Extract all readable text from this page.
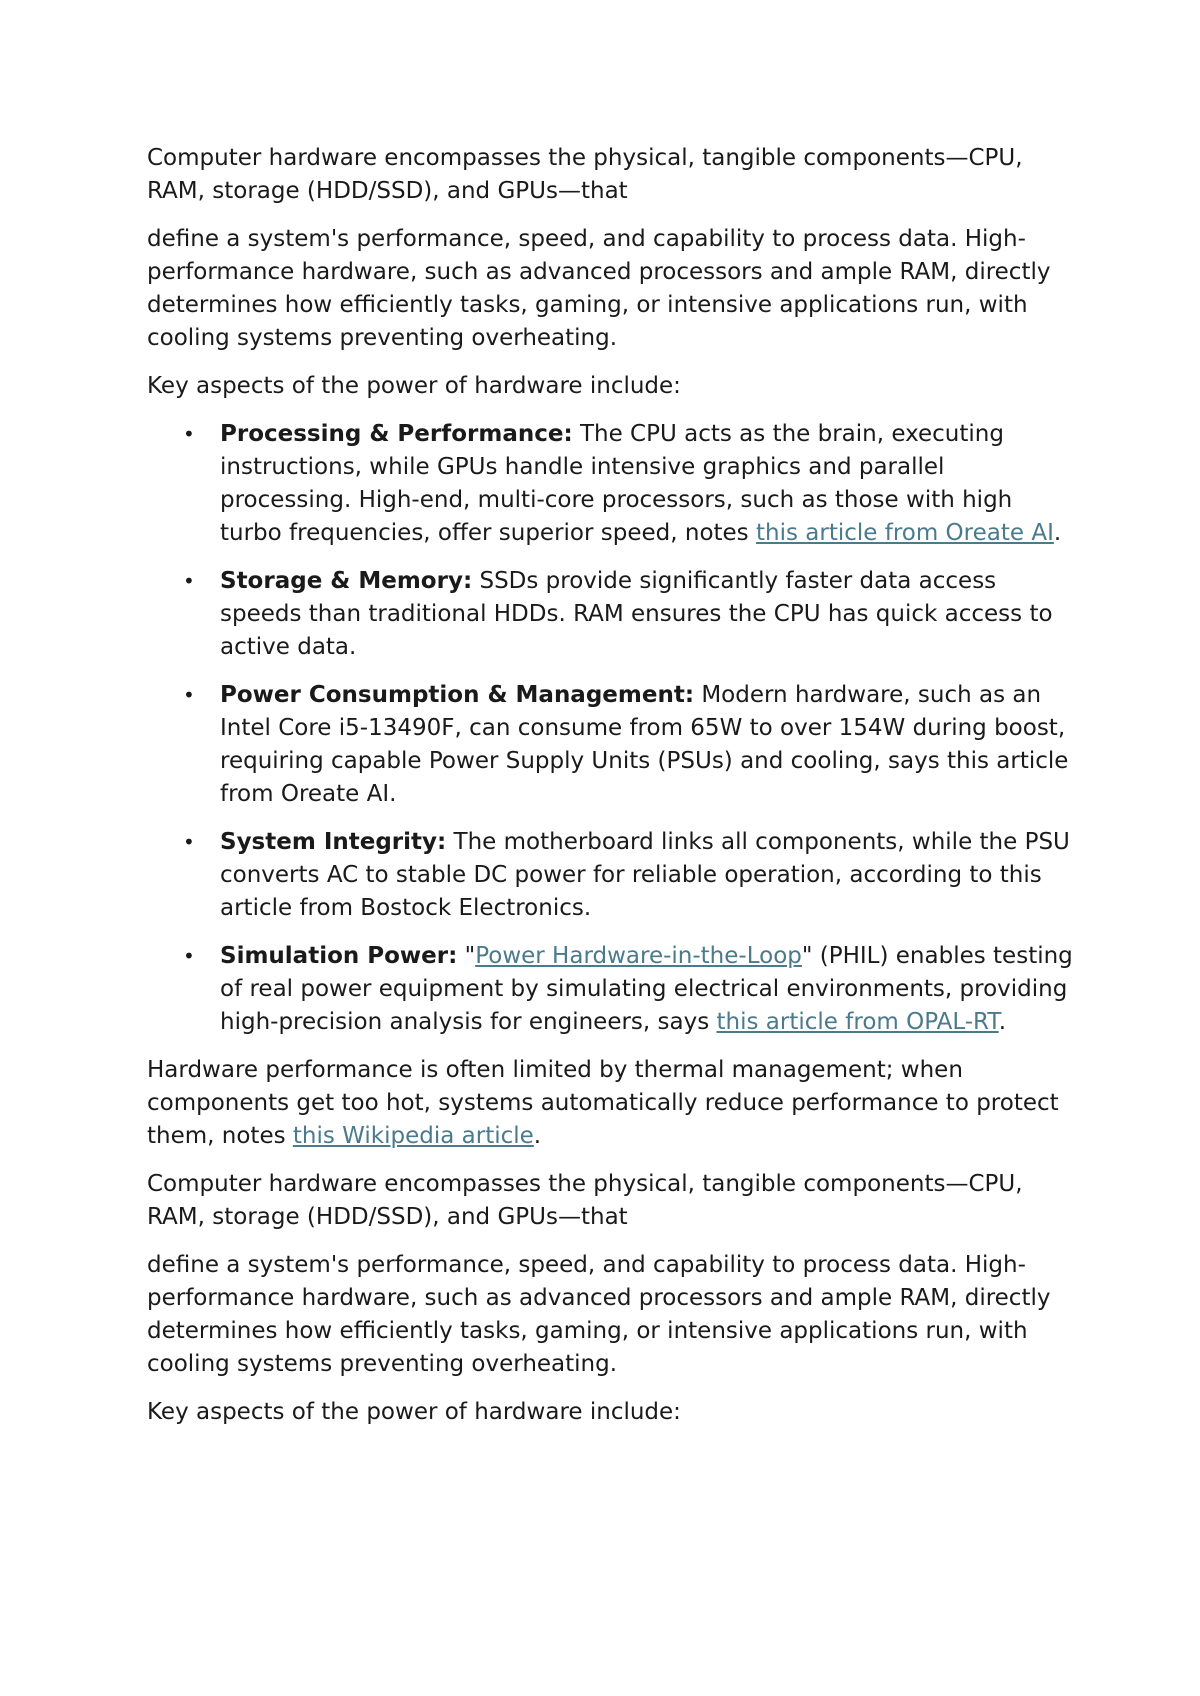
Computer hardware encompasses the physical, tangible components—CPU, RAM, storage (HDD/SSD), and GPUs—that

define a system's performance, speed, and capability to process data. High-performance hardware, such as advanced processors and ample RAM, directly determines how efficiently tasks, gaming, or intensive applications run, with cooling systems preventing overheating.

Key aspects of the power of hardware include:

• Processing & Performance: The CPU acts as the brain, executing instructions, while GPUs handle intensive graphics and parallel processing. High-end, multi-core processors, such as those with high turbo frequencies, offer superior speed, notes this article from Oreate AI.
• Storage & Memory: SSDs provide significantly faster data access speeds than traditional HDDs. RAM ensures the CPU has quick access to active data.
• Power Consumption & Management: Modern hardware, such as an Intel Core i5-13490F, can consume from 65W to over 154W during boost, requiring capable Power Supply Units (PSUs) and cooling, says this article from Oreate AI.
• System Integrity: The motherboard links all components, while the PSU converts AC to stable DC power for reliable operation, according to this article from Bostock Electronics.
• Simulation Power: "Power Hardware-in-the-Loop" (PHIL) enables testing of real power equipment by simulating electrical environments, providing high-precision analysis for engineers, says this article from OPAL-RT.

Hardware performance is often limited by thermal management; when components get too hot, systems automatically reduce performance to protect them, notes this Wikipedia article.

Computer hardware encompasses the physical, tangible components—CPU, RAM, storage (HDD/SSD), and GPUs—that

define a system's performance, speed, and capability to process data. High-performance hardware, such as advanced processors and ample RAM, directly determines how efficiently tasks, gaming, or intensive applications run, with cooling systems preventing overheating.

Key aspects of the power of hardware include:
